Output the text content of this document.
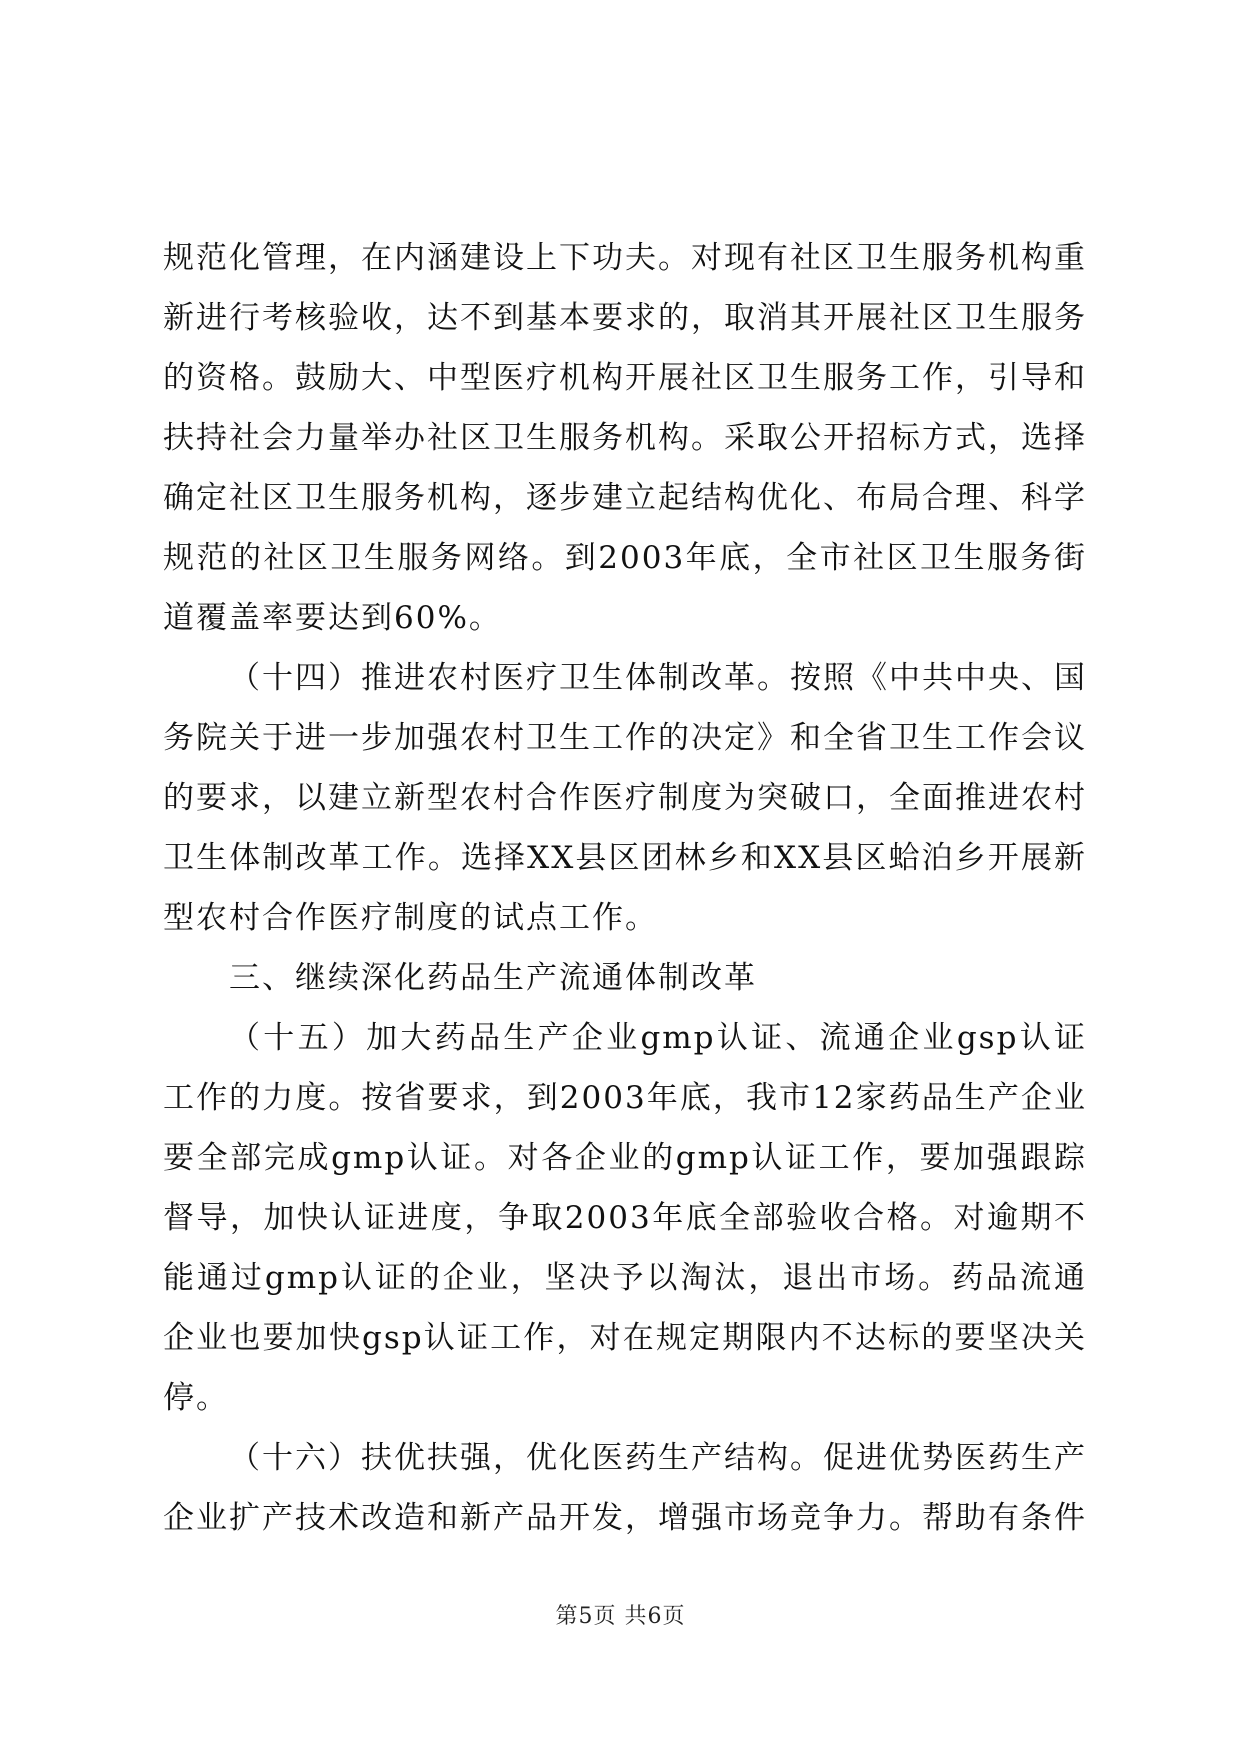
规范化管理，在内涵建设上下功夫。对现有社区卫生服务机构重新进行考核验收，达不到基本要求的，取消其开展社区卫生服务的资格。鼓励大、中型医疗机构开展社区卫生服务工作，引导和扶持社会力量举办社区卫生服务机构。采取公开招标方式，选择确定社区卫生服务机构，逐步建立起结构优化、布局合理、科学规范的社区卫生服务网络。到2003年底，全市社区卫生服务街道覆盖率要达到60%。

（十四）推进农村医疗卫生体制改革。按照《中共中央、国务院关于进一步加强农村卫生工作的决定》和全省卫生工作会议的要求，以建立新型农村合作医疗制度为突破口，全面推进农村卫生体制改革工作。选择XX县区团林乡和XX县区蛤泊乡开展新型农村合作医疗制度的试点工作。

三、继续深化药品生产流通体制改革

（十五）加大药品生产企业gmp认证、流通企业gsp认证工作的力度。按省要求，到2003年底，我市12家药品生产企业要全部完成gmp认证。对各企业的gmp认证工作，要加强跟踪督导，加快认证进度，争取2003年底全部验收合格。对逾期不能通过gmp认证的企业，坚决予以淘汰，退出市场。药品流通企业也要加快gsp认证工作，对在规定期限内不达标的要坚决关停。

（十六）扶优扶强，优化医药生产结构。促进优势医药生产企业扩产技术改造和新产品开发，增强市场竞争力。帮助有条件

第5页 共6页
